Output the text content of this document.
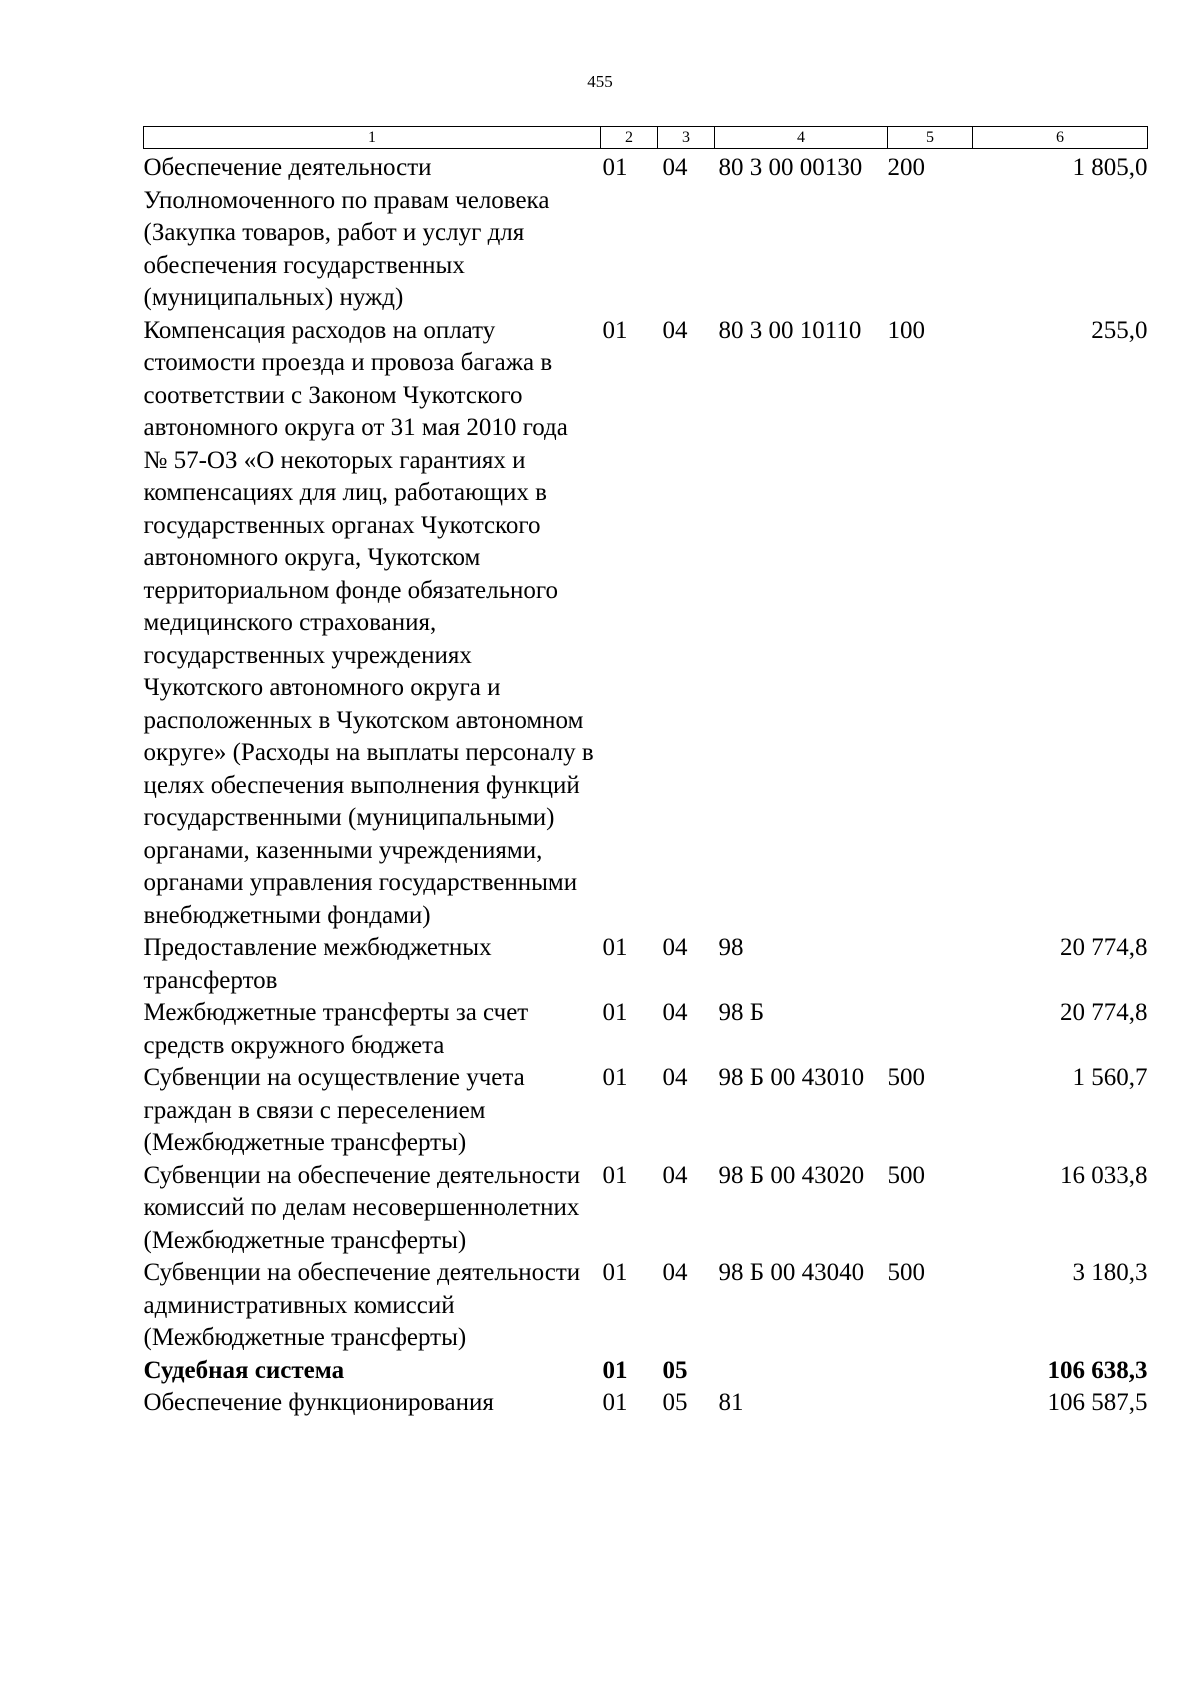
455
1	2	3	4	5	6
Обеспечение деятельности Уполномоченного по правам человека (Закупка товаров, работ и услуг для обеспечения государственных (муниципальных) нужд)	01	04	80 3 00 00130	200	1 805,0
Компенсация расходов на оплату стоимости проезда и провоза багажа в соответствии с Законом Чукотского автономного округа от 31 мая 2010 года № 57-ОЗ «О некоторых гарантиях и компенсациях для лиц, работающих в государственных органах Чукотского автономного округа, Чукотском территориальном фонде обязательного медицинского страхования, государственных учреждениях Чукотского автономного округа и расположенных в Чукотском автономном округе» (Расходы на выплаты персоналу в целях обеспечения выполнения функций государственными (муниципальными) органами, казенными учреждениями, органами управления государственными внебюджетными фондами)	01	04	80 3 00 10110	100	255,0
Предоставление межбюджетных трансфертов	01	04	98		20 774,8
Межбюджетные трансферты за счет средств окружного бюджета	01	04	98 Б		20 774,8
Субвенции на осуществление учета граждан в связи с переселением (Межбюджетные трансферты)	01	04	98 Б 00 43010	500	1 560,7
Субвенции на обеспечение деятельности комиссий по делам несовершеннолетних (Межбюджетные трансферты)	01	04	98 Б 00 43020	500	16 033,8
Субвенции на обеспечение деятельности административных комиссий (Межбюджетные трансферты)	01	04	98 Б 00 43040	500	3 180,3
Судебная система	01	05			106 638,3
Обеспечение функционирования	01	05	81		106 587,5
